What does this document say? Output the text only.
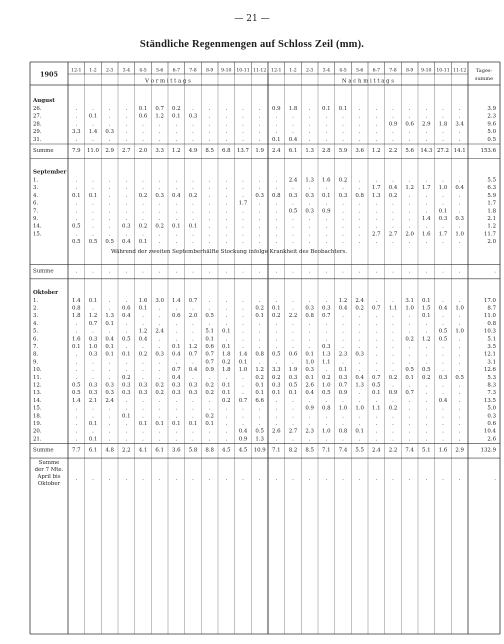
— 21 —
Ständliche Regenmengen auf Schloss Zeil (mm).
1905	12-1 1-2 2-3 3-4 4-5 5-6 6-7 7-8 8-9 9-10 10-11 11-12 12-1 1-2 2-3 3-4 4-5 5-6 6-7 7-8 8-9 9-10 10-11 11-12
V o r m i t t a g s	N a c h m i t t a g s
Tages-
summe
August
26.	.	.	.	. 0.1 0.7 0.2 .	.	.	.	. 0.9 1.8 . 0.1 0.1 .	.	.	.	.	.	.	3.9
27.	. 0.1 .	. 0.6 1.2 0.1 0.3 .	.	.	.	.	.	.	.	.	.	.	.	.	.	.	.	2.3
28.	.	.	.	.	.	.	.	.	.	.	.	.	.	.	.	.	.	.	. 0.9 0.6 2.9 1.8 3.4	9.6
29.	3.3 1.4 0.3 .	.	.	.	.	.	.	.	.	.	.	.	.	.	.	.	.	.	.	.	.	5.0
31.	.	.	.	.	.	.	.	.	.	.	.	. 0.1 0.4 .	.	.	.	.	.	.	.	.	.	0.5
Summe	7.9 11.0 2.9 2.7 2.0 3.3 1.2 4.9 8.5 6.8 13.7 1.9 2.4 6.1 1.3 2.8 5.9 3.6 1.2 2.2 5.6 14.3 27.2 14.1	153.6
September
1.	.	.	.	.	.	.	.	.	.	.	.	.	. 2.4 1.3 1.6 0.2 .	.	.	.	.	.	.	5.5
3.	.	.	.	.	.	.	.	.	.	.	.	.	.	.	.	.	.	. 1.7 0.4 1.2 1.7 1.0 0.4	6.3
4.	0.1 0.1 .	. 0.2 0.3 0.4 0.2 .	.	. 0.3 0.8 0.3 0.3 0.1 0.3 0.8 1.3 0.2 .	.	.	.	5.9
6.	.	.	.	.	.	.	.	.	.	. 1.7 .	.	.	.	.	.	.	.	.	.	.	.	.	1.7
7.	.	.	.	.	.	.	.	.	.	.	.	.	. 0.5 0.3 0.9 .	.	.	.	.	. 0.1 .	1.8
9.	.	.	.	.	.	.	.	.	.	.	.	.	.	.	.	.	.	.	.	.	. 1.4 0.3 0.3	2.1
14.	0.5 .	. 0.3 0.2 0.2 0.1 0.1 .	.	.	.	.	.	.	.	.	.	.	.	.	.	.	.	1.2
15.	.	.	.	.	.	.	.	.	.	.	.	.	.	.	.	.	.	. 2.7 2.7 2.0 1.6 1.7 1.0	11.7
0.5 0.5 0.5 0.4 0.1 .	.	.	.	.	.	.	.	.	.	.	.	.	.	.	.	.	.	.	2.0
Während der zweiten Septemberhälfte Stockung infolge Krankheit des Beobachters.
Summe	.	.	.	.	.	.	.	.	.	.	.	.	.	.	.	.	.	.	.	.	.	.	.	.	.
Oktober
1.	1.4 0.1 .	. 1.6 3.0 1.4 0.7 .	.	.	.	.	.	.	. 1.2 2.4 .	. 3.1 0.1 .	.	17.0
2.	0.8 .	. 0.6 0.1 .	.	.	.	.	. 0.2 0.1 . 0.3 0.3 0.4 0.2 0.7 1.1 1.0 1.5 0.4 1.0	8.7
3.	1.8 1.2 1.3 0.4 .	. 0.6 2.0 0.5 .	. 0.1 0.2 2.2 0.8 0.7 .	.	.	.	. 0.1 .	.	11.0
4.	. 0.7 0.1 .	.	.	.	.	.	.	.	.	.	.	.	.	.	.	.	.	.	.	.	.	0.8
5.	.	.	.	. 1.2 2.4 .	. 5.1 0.1 .	.	.	.	.	.	.	.	.	.	.	. 0.5 1.0	10.3
6.	1.6 0.3 0.4 0.5 0.4 .	.	. 0.1 .	.	.	.	.	.	.	.	.	.	. 0.2 1.2 0.5 .	5.1
7.	0.1 1.0 0.1 .	.	. 0.1 1.2 0.6 0.1 .	.	.	.	. 0.3 .	.	.	.	.	.	.	.	3.5
8.	. 0.3 0.1 0.1 0.2 0.3 0.4 0.7 0.7 1.8 1.4 0.8 0.5 0.6 0.1 1.3 2.3 0.3 .	.	.	.	.	.	12.1
9.	.	.	.	.	.	.	.	. 0.7 0.2 0.1 .	.	. 1.0 1.1 .	.	.	.	.	.	.	.	3.1
10.	.	.	.	.	.	. 0.7 0.4 0.9 1.8 1.0 1.2 3.3 1.9 0.3 . 0.1 .	.	. 0.5 0.5 .	.	12.6
11.	.	.	. 0.2 .	. 0.4 .	.	.	. 0.2 0.2 0.3 0.1 0.2 0.3 0.4 0.7 0.2 0.1 0.2 0.3 0.5	5.3
12.	0.5 0.3 0.3 0.3 0.3 0.2 0.3 0.3 0.2 0.1 . 0.1 0.3 0.5 2.6 1.0 0.7 1.3 0.5 .	.	.	.	.	8.3
13.	0.5 0.3 0.3 0.3 0.3 0.2 0.3 0.3 0.2 0.1 . 0.1 0.1 0.1 0.4 0.5 0.9 . 0.1 0.9 0.7 .	.	.	7.3
14.	1.4 2.1 2.4 .	.	.	.	.	. 0.2 0.7 6.6 .	.	.	.	.	.	.	.	.	. 0.4 .	13.5
15.	.	.	.	.	.	.	.	.	.	.	.	.	.	. 0.9 0.8 1.0 1.0 1.1 0.2 .	.	.	.	5.0
18.	.	.	. 0.1 .	.	.	. 0.2 .	.	.	.	.	.	.	.	.	.	.	.	.	.	.	0.3
19.	. 0.1 .	. 0.1 0.1 0.1 0.1 0.1 .	.	.	.	.	.	.	.	.	.	.	.	.	.	.	0.6
20.	.	.	.	.	.	.	.	.	.	. 0.4 0.5 2.6 2.7 2.3 1.0 0.8 0.1 .	.	.	.	.	.	10.4
21.	. 0.1 .	.	.	.	.	.	.	. 0.9 1.3 .	.	.	.	.	.	.	.	.	.	.	.	2.6
Summe	7.7 6.1 4.8 2.2 4.1 6.1 3.6 5.8 8.8 4.5 4.5 10.9 7.1 8.2 8.5 7.1 7.4 5.5 2.4 2.2 7.4 5.1 1.6 2.9	132.9
Summe
der 7 Mte.
April bis
Oktober
.	.	.	.	.	.	.	.	.	.	.	.	.	.	.	.	.	.	.	.	.	.	.	.	.
